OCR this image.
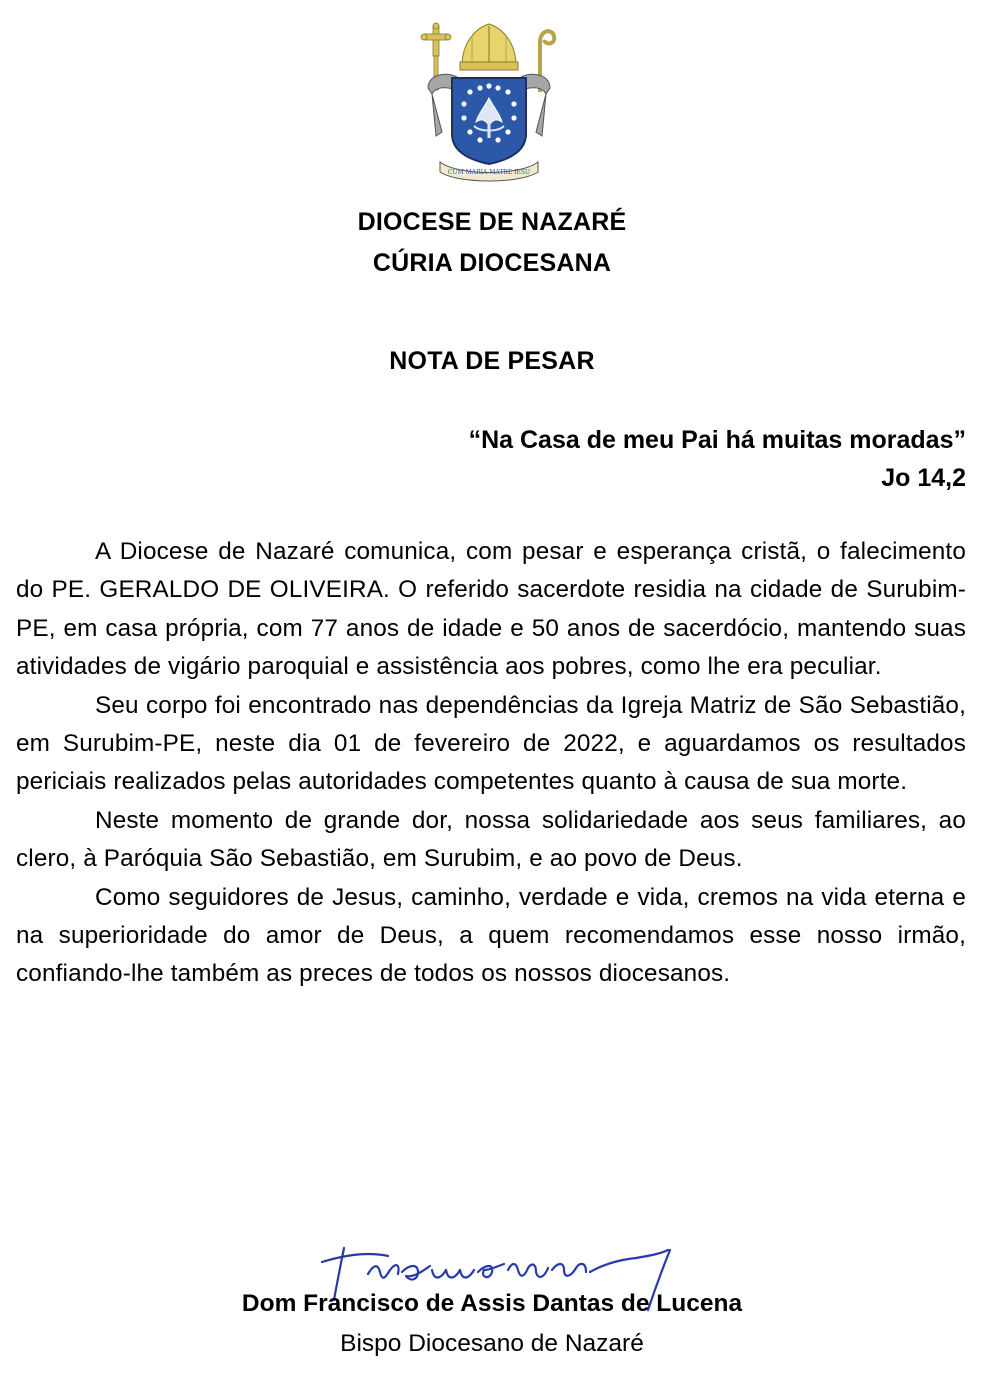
CUM MARIA MATRE IESU
DIOCESE DE NAZARÉ
CÚRIA DIOCESANA
NOTA DE PESAR
“Na Casa de meu Pai há muitas moradas”
Jo 14,2

A Diocese de Nazaré comunica, com pesar e esperança cristã, o falecimento do PE. GERALDO DE OLIVEIRA. O referido sacerdote residia na cidade de Surubim-PE, em casa própria, com 77 anos de idade e 50 anos de sacerdócio, mantendo suas atividades de vigário paroquial e assistência aos pobres, como lhe era peculiar.

Seu corpo foi encontrado nas dependências da Igreja Matriz de São Sebastião, em Surubim-PE, neste dia 01 de fevereiro de 2022, e aguardamos os resultados periciais realizados pelas autoridades competentes quanto à causa de sua morte.

Neste momento de grande dor, nossa solidariedade aos seus familiares, ao clero, à Paróquia São Sebastião, em Surubim, e ao povo de Deus.

Como seguidores de Jesus, caminho, verdade e vida, cremos na vida eterna e na superioridade do amor de Deus, a quem recomendamos esse nosso irmão, confiando-lhe também as preces de todos os nossos diocesanos.

Dom Francisco de Assis Dantas de Lucena
Bispo Diocesano de Nazaré
